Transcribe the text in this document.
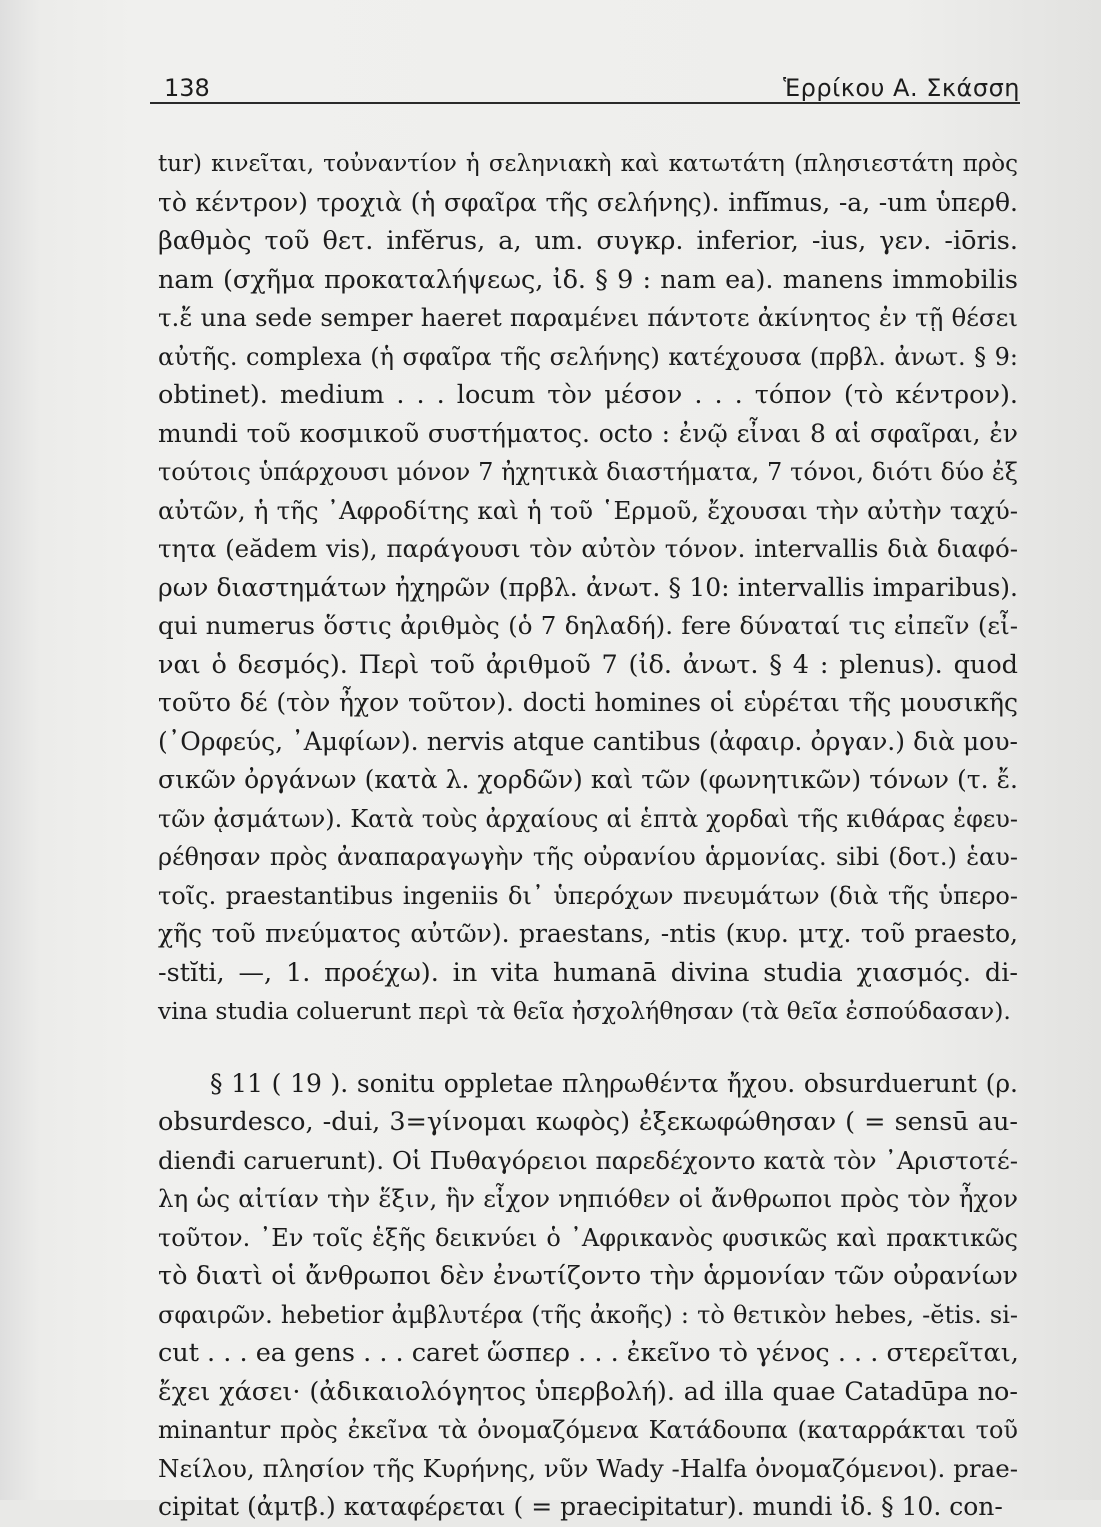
138	Ἑρρίκου Α. Σκάσση
tur) κινεῖται, τοὐναντίον ἡ σεληνιακὴ καὶ κατωτάτη (πλησιεστάτη πρὸς
τὸ κέντρον) τροχιὰ (ἡ σφαῖρα τῆς σελήνης). infĭmus, -a, -um ὑπερθ.
βαθμὸς τοῦ θετ. infĕrus, a, um. συγκρ. inferior, -ius, γεν. -iōris.
nam (σχῆμα προκαταλήψεως, ἰδ. § 9 : nam ea). manens immobilis
τ.ἔ una sede semper haeret παραμένει πάντοτε ἀκίνητος ἐν τῇ θέσει
αὐτῆς. complexa (ἡ σφαῖρα τῆς σελήνης) κατέχουσα (πρβλ. ἀνωτ. § 9:
obtinet). medium . . . locum τὸν μέσον . . . τόπον (τὸ κέντρον).
mundi τοῦ κοσμικοῦ συστήματος. octo : ἐνῷ εἶναι 8 αἱ σφαῖραι, ἐν
τούτοις ὑπάρχουσι μόνον 7 ἠχητικὰ διαστήματα, 7 τόνοι, διότι δύο ἐξ
αὐτῶν, ἡ τῆς ᾿Αφροδίτης καὶ ἡ τοῦ ῾Ερμοῦ, ἔχουσαι τὴν αὐτὴν ταχύ-
τητα (eădem vis), παράγουσι τὸν αὐτὸν τόνον. intervallis διὰ διαφό-
ρων διαστημάτων ἠχηρῶν (πρβλ. ἀνωτ. § 10: intervallis imparibus).
qui numerus ὅστις ἀριθμὸς (ὁ 7 δηλαδή). fere δύναταί τις εἰπεῖν (εἶ-
ναι ὁ δεσμός). Περὶ τοῦ ἀριθμοῦ 7 (ἰδ. ἀνωτ. § 4 : plenus). quod
τοῦτο δέ (τὸν ἦχον τοῦτον). docti homines οἱ εὑρέται τῆς μουσικῆς
(᾿Ορφεύς, ᾿Αμφίων). nervis atque cantibus (ἀφαιρ. ὀργαν.) διὰ μου-
σικῶν ὀργάνων (κατὰ λ. χορδῶν) καὶ τῶν (φωνητικῶν) τόνων (τ. ἔ.
τῶν ᾀσμάτων). Κατὰ τοὺς ἀρχαίους αἱ ἑπτὰ χορδαὶ τῆς κιθάρας ἐφευ-
ρέθησαν πρὸς ἀναπαραγωγὴν τῆς οὐρανίου ἁρμονίας. sibi (δοτ.) ἑαυ-
τοῖς. praestantibus ingeniis δι᾿ ὑπερόχων πνευμάτων (διὰ τῆς ὑπερο-
χῆς τοῦ πνεύματος αὐτῶν). praestans, -ntis (κυρ. μτχ. τοῦ praesto,
-stĭti, —, 1. προέχω). in vita humanā divina studia χιασμός. di-
vina studia coluerunt περὶ τὰ θεῖα ἠσχολήθησαν (τὰ θεῖα ἐσπούδασαν).
§ 11 ( 19 ). sonitu oppletae πληρωθέντα ἤχου. obsurduerunt (ρ.
obsurdesco, -dui, 3=γίνομαι κωφὸς) ἐξεκωφώθησαν ( = sensū au-
dienđi caruerunt). Οἱ Πυθαγόρειοι παρεδέχοντο κατὰ τὸν ᾿Αριστοτέ-
λη ὡς αἰτίαν τὴν ἕξιν, ἣν εἶχον νηπιόθεν οἱ ἄνθρωποι πρὸς τὸν ἦχον
τοῦτον. ᾿Εν τοῖς ἑξῆς δεικνύει ὁ ᾿Αφρικανὸς φυσικῶς καὶ πρακτικῶς
τὸ διατὶ οἱ ἄνθρωποι δὲν ἐνωτίζοντο τὴν ἁρμονίαν τῶν οὐρανίων
σφαιρῶν. hebetior ἀμβλυτέρα (τῆς ἀκοῆς) : τὸ θετικὸν hebes, -ĕtis. si-
cut . . . ea gens . . . caret ὥσπερ . . . ἐκεῖνο τὸ γένος . . . στερεῖται,
ἔχει χάσει· (ἀδικαιολόγητος ὑπερβολή). ad illa quae Catadūpa no-
minantur πρὸς ἐκεῖνα τὰ ὀνομαζόμενα Κατάδουπα (καταρράκται τοῦ
Νείλου, πλησίον τῆς Κυρήνης, νῦν Wady -Halfa ὀνομαζόμενοι). prae-
cipitat (ἀμτβ.) καταφέρεται ( = praecipitatur). mundi ἰδ. § 10. con-
